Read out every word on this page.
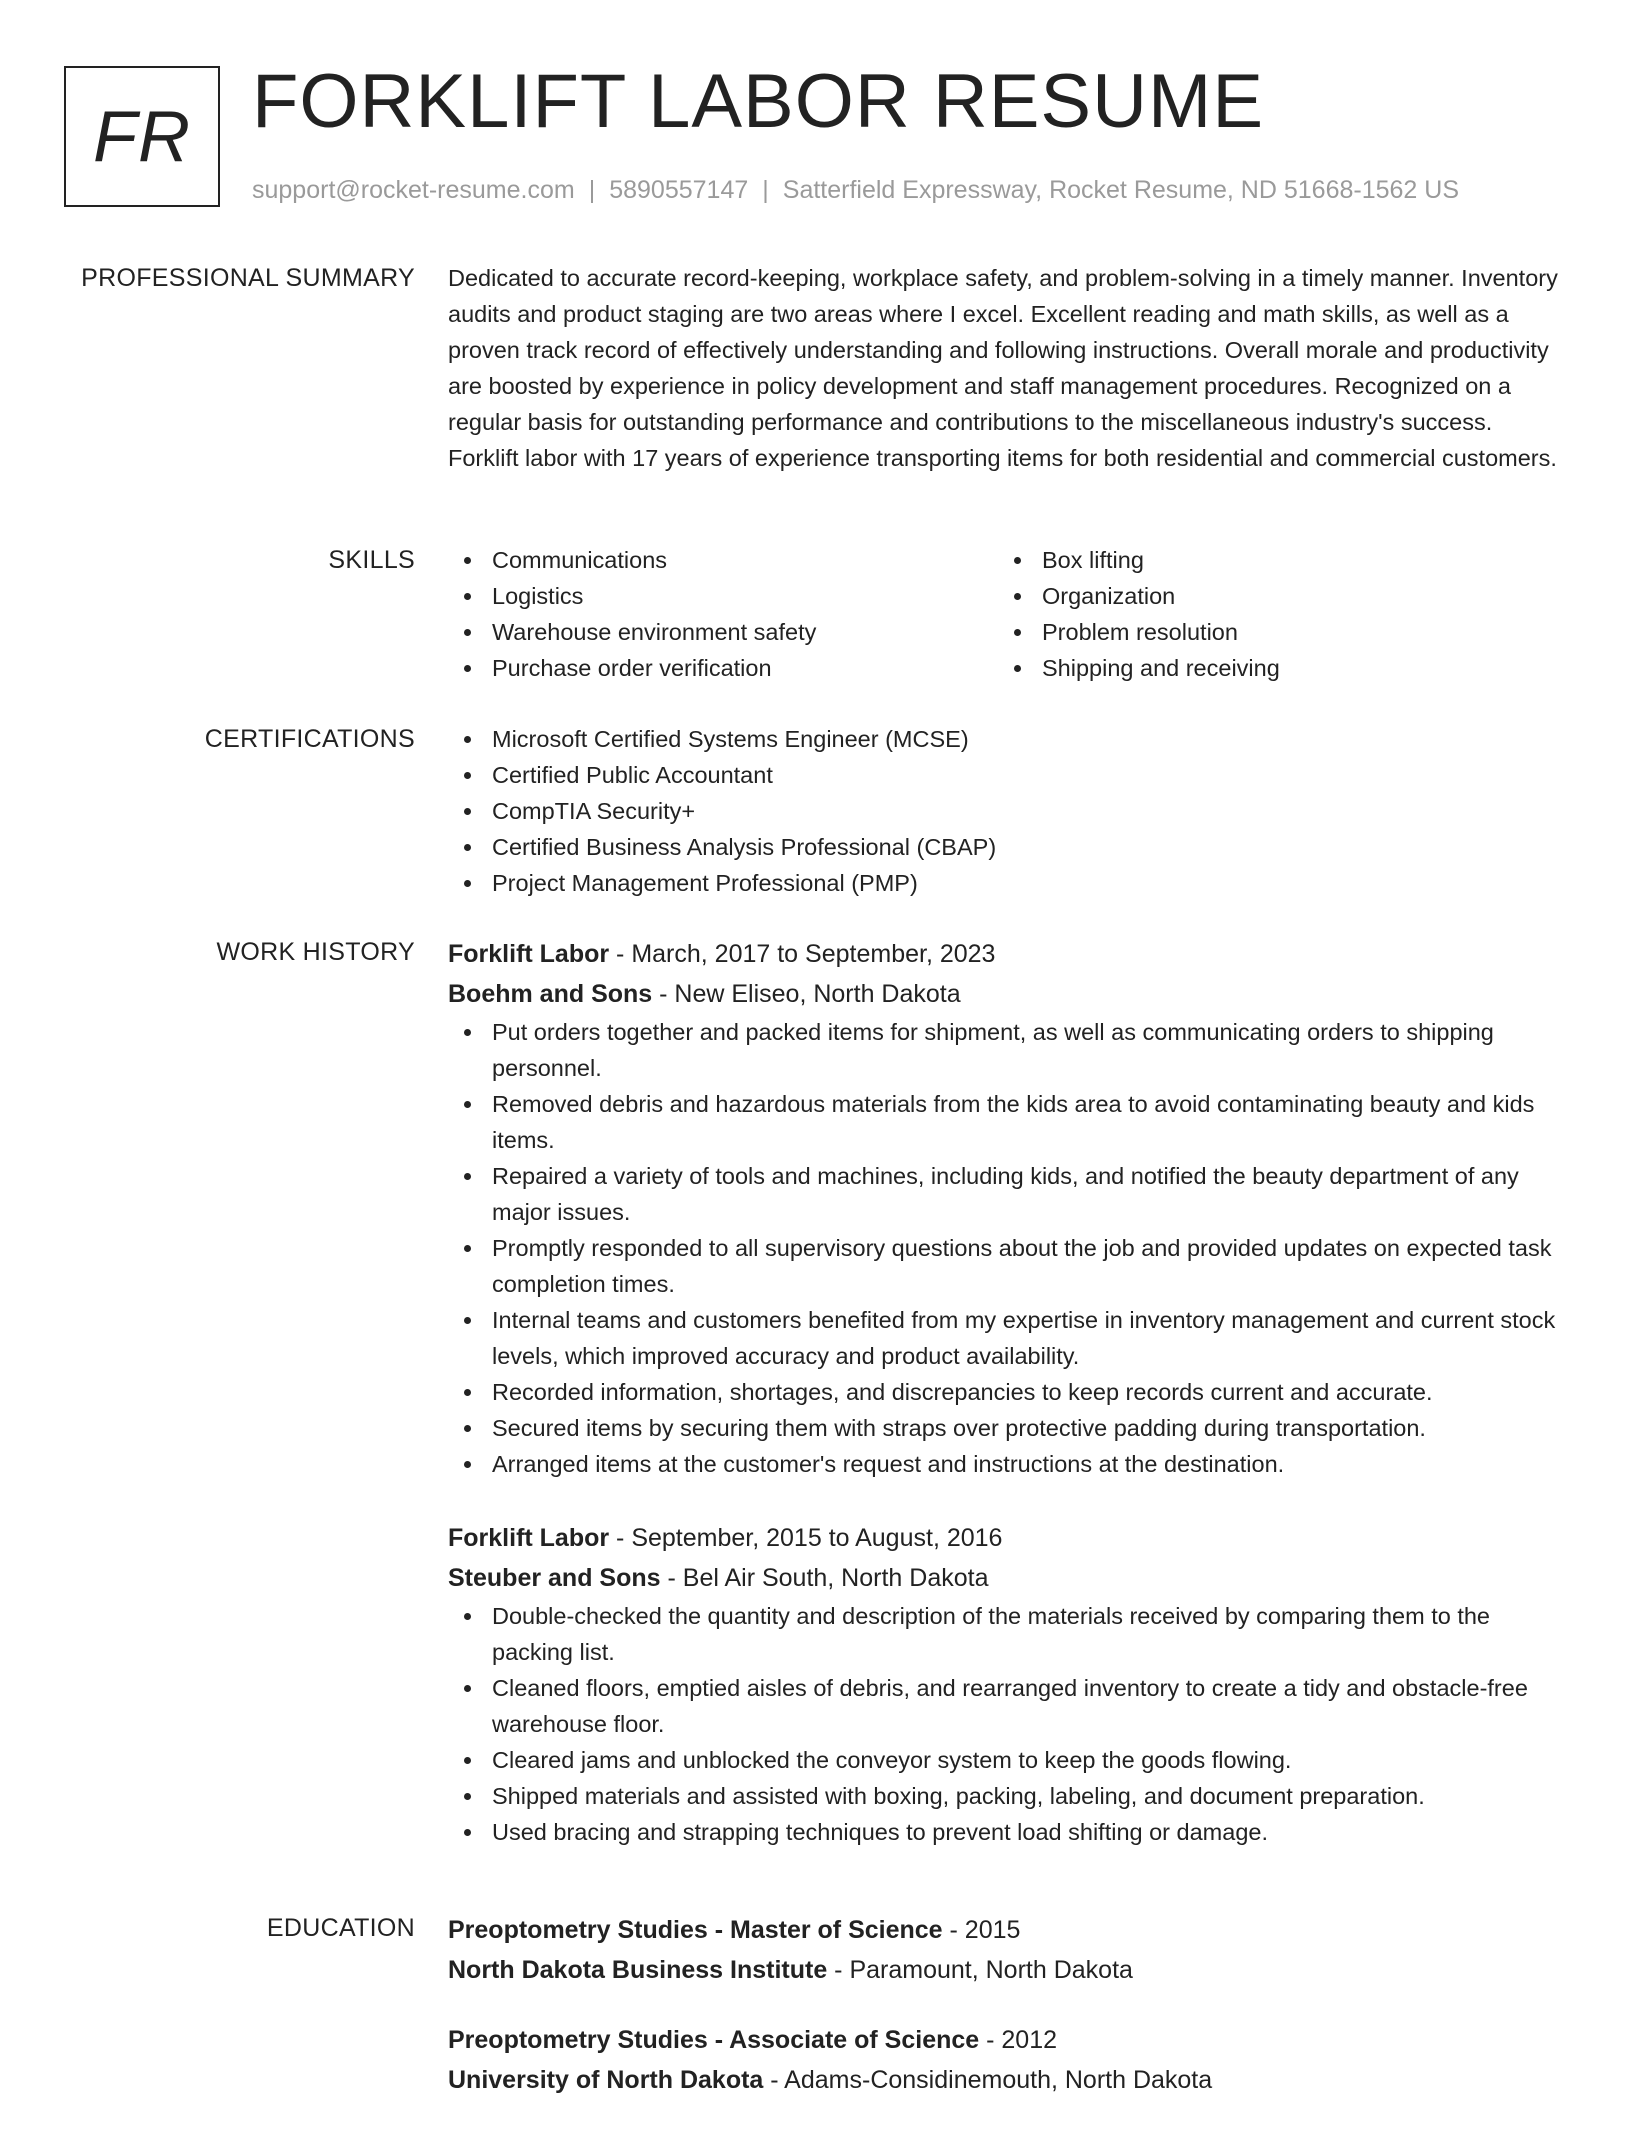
FR FORKLIFT LABOR RESUME
support@rocket-resume.com | 5890557147 | Satterfield Expressway, Rocket Resume, ND 51668-1562 US
PROFESSIONAL SUMMARY Dedicated to accurate record-keeping, workplace safety, and problem-solving in a timely manner. Inventory audits and product staging are two areas where I excel. Excellent reading and math skills, as well as a proven track record of effectively understanding and following instructions. Overall morale and productivity are boosted by experience in policy development and staff management procedures. Recognized on a regular basis for outstanding performance and contributions to the miscellaneous industry's success. Forklift labor with 17 years of experience transporting items for both residential and commercial customers.

SKILLS	Communications
Logistics
Warehouse environment safety
Purchase order verification
Box lifting
Organization
Problem resolution
Shipping and receiving
CERTIFICATIONS	Microsoft Certified Systems Engineer (MCSE)
Certified Public Accountant
CompTIA Security+
Certified Business Analysis Professional (CBAP)
Project Management Professional (PMP)
WORK HISTORY Forklift Labor - March, 2017 to September, 2023
Boehm and Sons - New Eliseo, North Dakota
Put orders together and packed items for shipment, as well as communicating orders to shipping personnel.
Removed debris and hazardous materials from the kids area to avoid contaminating beauty and kids items.
Repaired a variety of tools and machines, including kids, and notified the beauty department of any major issues.
Promptly responded to all supervisory questions about the job and provided updates on expected task completion times.
Internal teams and customers benefited from my expertise in inventory management and current stock levels, which improved accuracy and product availability.
Recorded information, shortages, and discrepancies to keep records current and accurate.
Secured items by securing them with straps over protective padding during transportation.
Arranged items at the customer's request and instructions at the destination.
Forklift Labor - September, 2015 to August, 2016
Steuber and Sons - Bel Air South, North Dakota
Double-checked the quantity and description of the materials received by comparing them to the packing list.
Cleaned floors, emptied aisles of debris, and rearranged inventory to create a tidy and obstacle-free warehouse floor.
Cleared jams and unblocked the conveyor system to keep the goods flowing.
Shipped materials and assisted with boxing, packing, labeling, and document preparation.
Used bracing and strapping techniques to prevent load shifting or damage.
EDUCATION Preoptometry Studies - Master of Science - 2015
North Dakota Business Institute - Paramount, North Dakota
Preoptometry Studies - Associate of Science - 2012
University of North Dakota - Adams-Considinemouth, North Dakota
